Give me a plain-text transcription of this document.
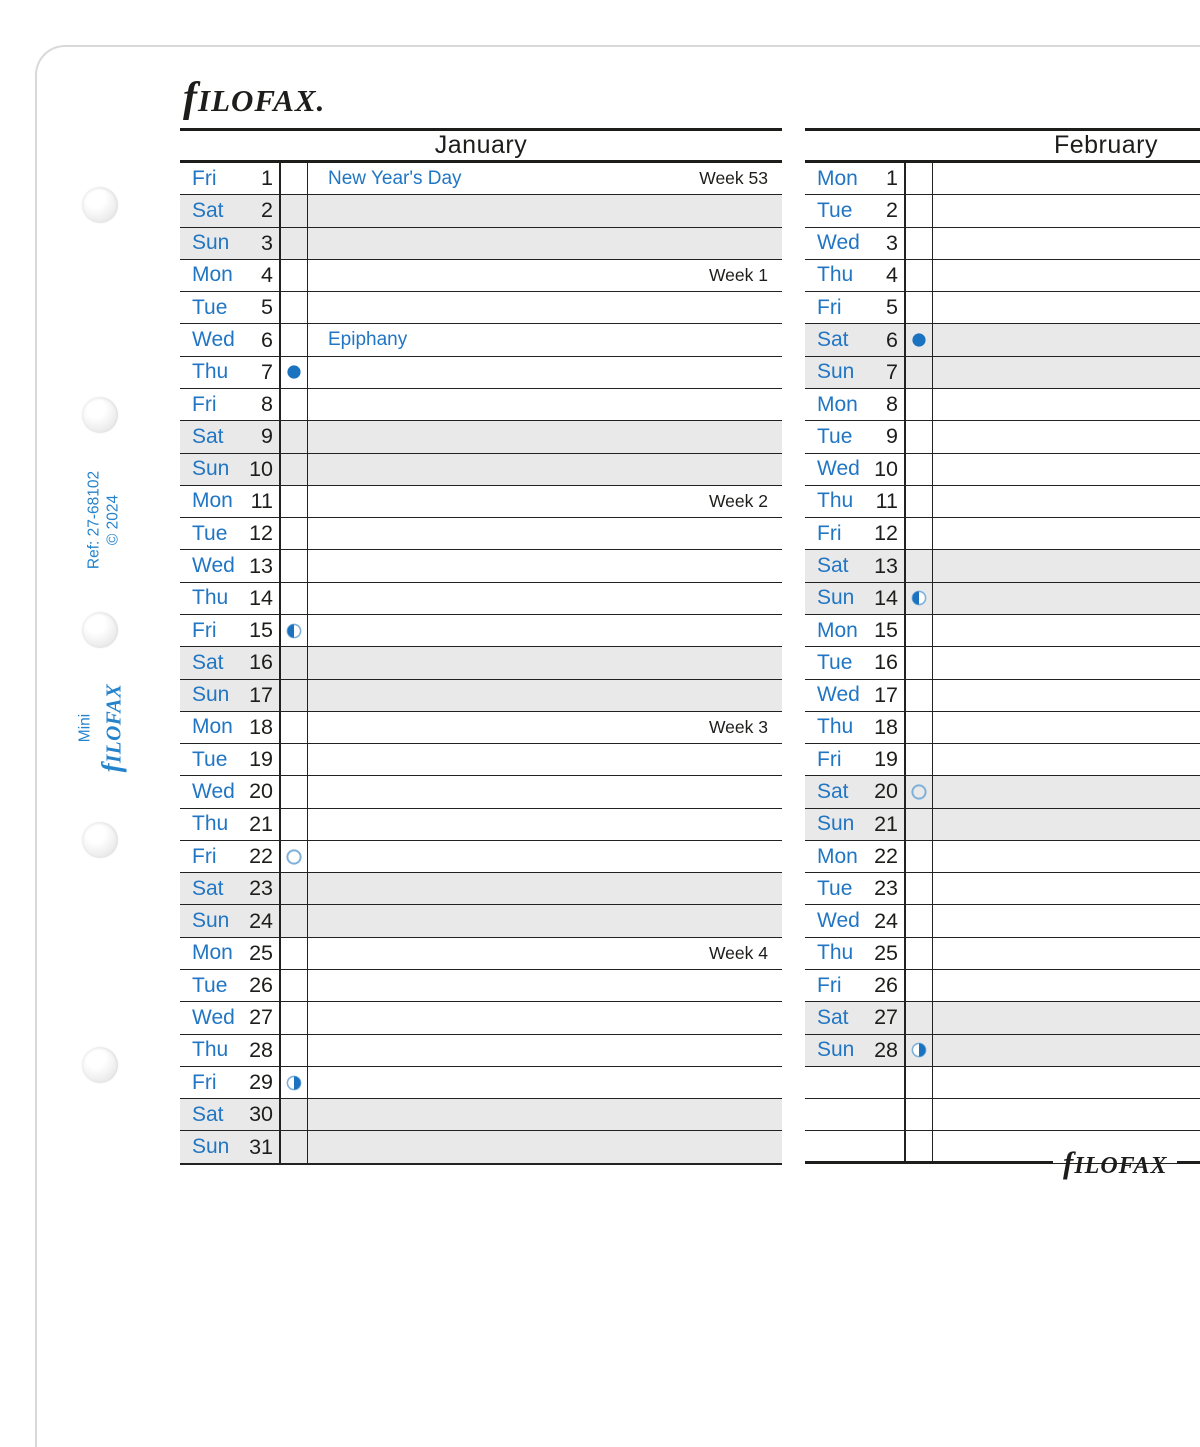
fILOFAX.
Ref: 27-68102 © 2024
Mini
fILOFAX
January
Fri 1	New Year's Day	Week 53
Sat 2
Sun 3
Mon 4	Week 1
Tue 5
Wed 6	Epiphany
Thu 7
Fri 8
Sat 9
Sun 10
Mon 11	Week 2
Tue 12
Wed 13
Thu 14
Fri 15
Sat 16
Sun 17
Mon 18	Week 3
Tue 19
Wed 20
Thu 21
Fri 22
Sat 23
Sun 24
Mon 25	Week 4
Tue 26
Wed 27
Thu 28
Fri 29
Sat 30
Sun 31
February
Mon 1
Tue 2
Wed 3
Thu 4
Fri 5
Sat 6
Sun 7
Mon 8
Tue 9
Wed 10
Thu 11
Fri 12
Sat 13
Sun 14
Mon 15
Tue 16
Wed 17
Thu 18
Fri 19
Sat 20
Sun 21
Mon 22
Tue 23
Wed 24
Thu 25
Fri 26
Sat 27
Sun 28
fILOFAX
